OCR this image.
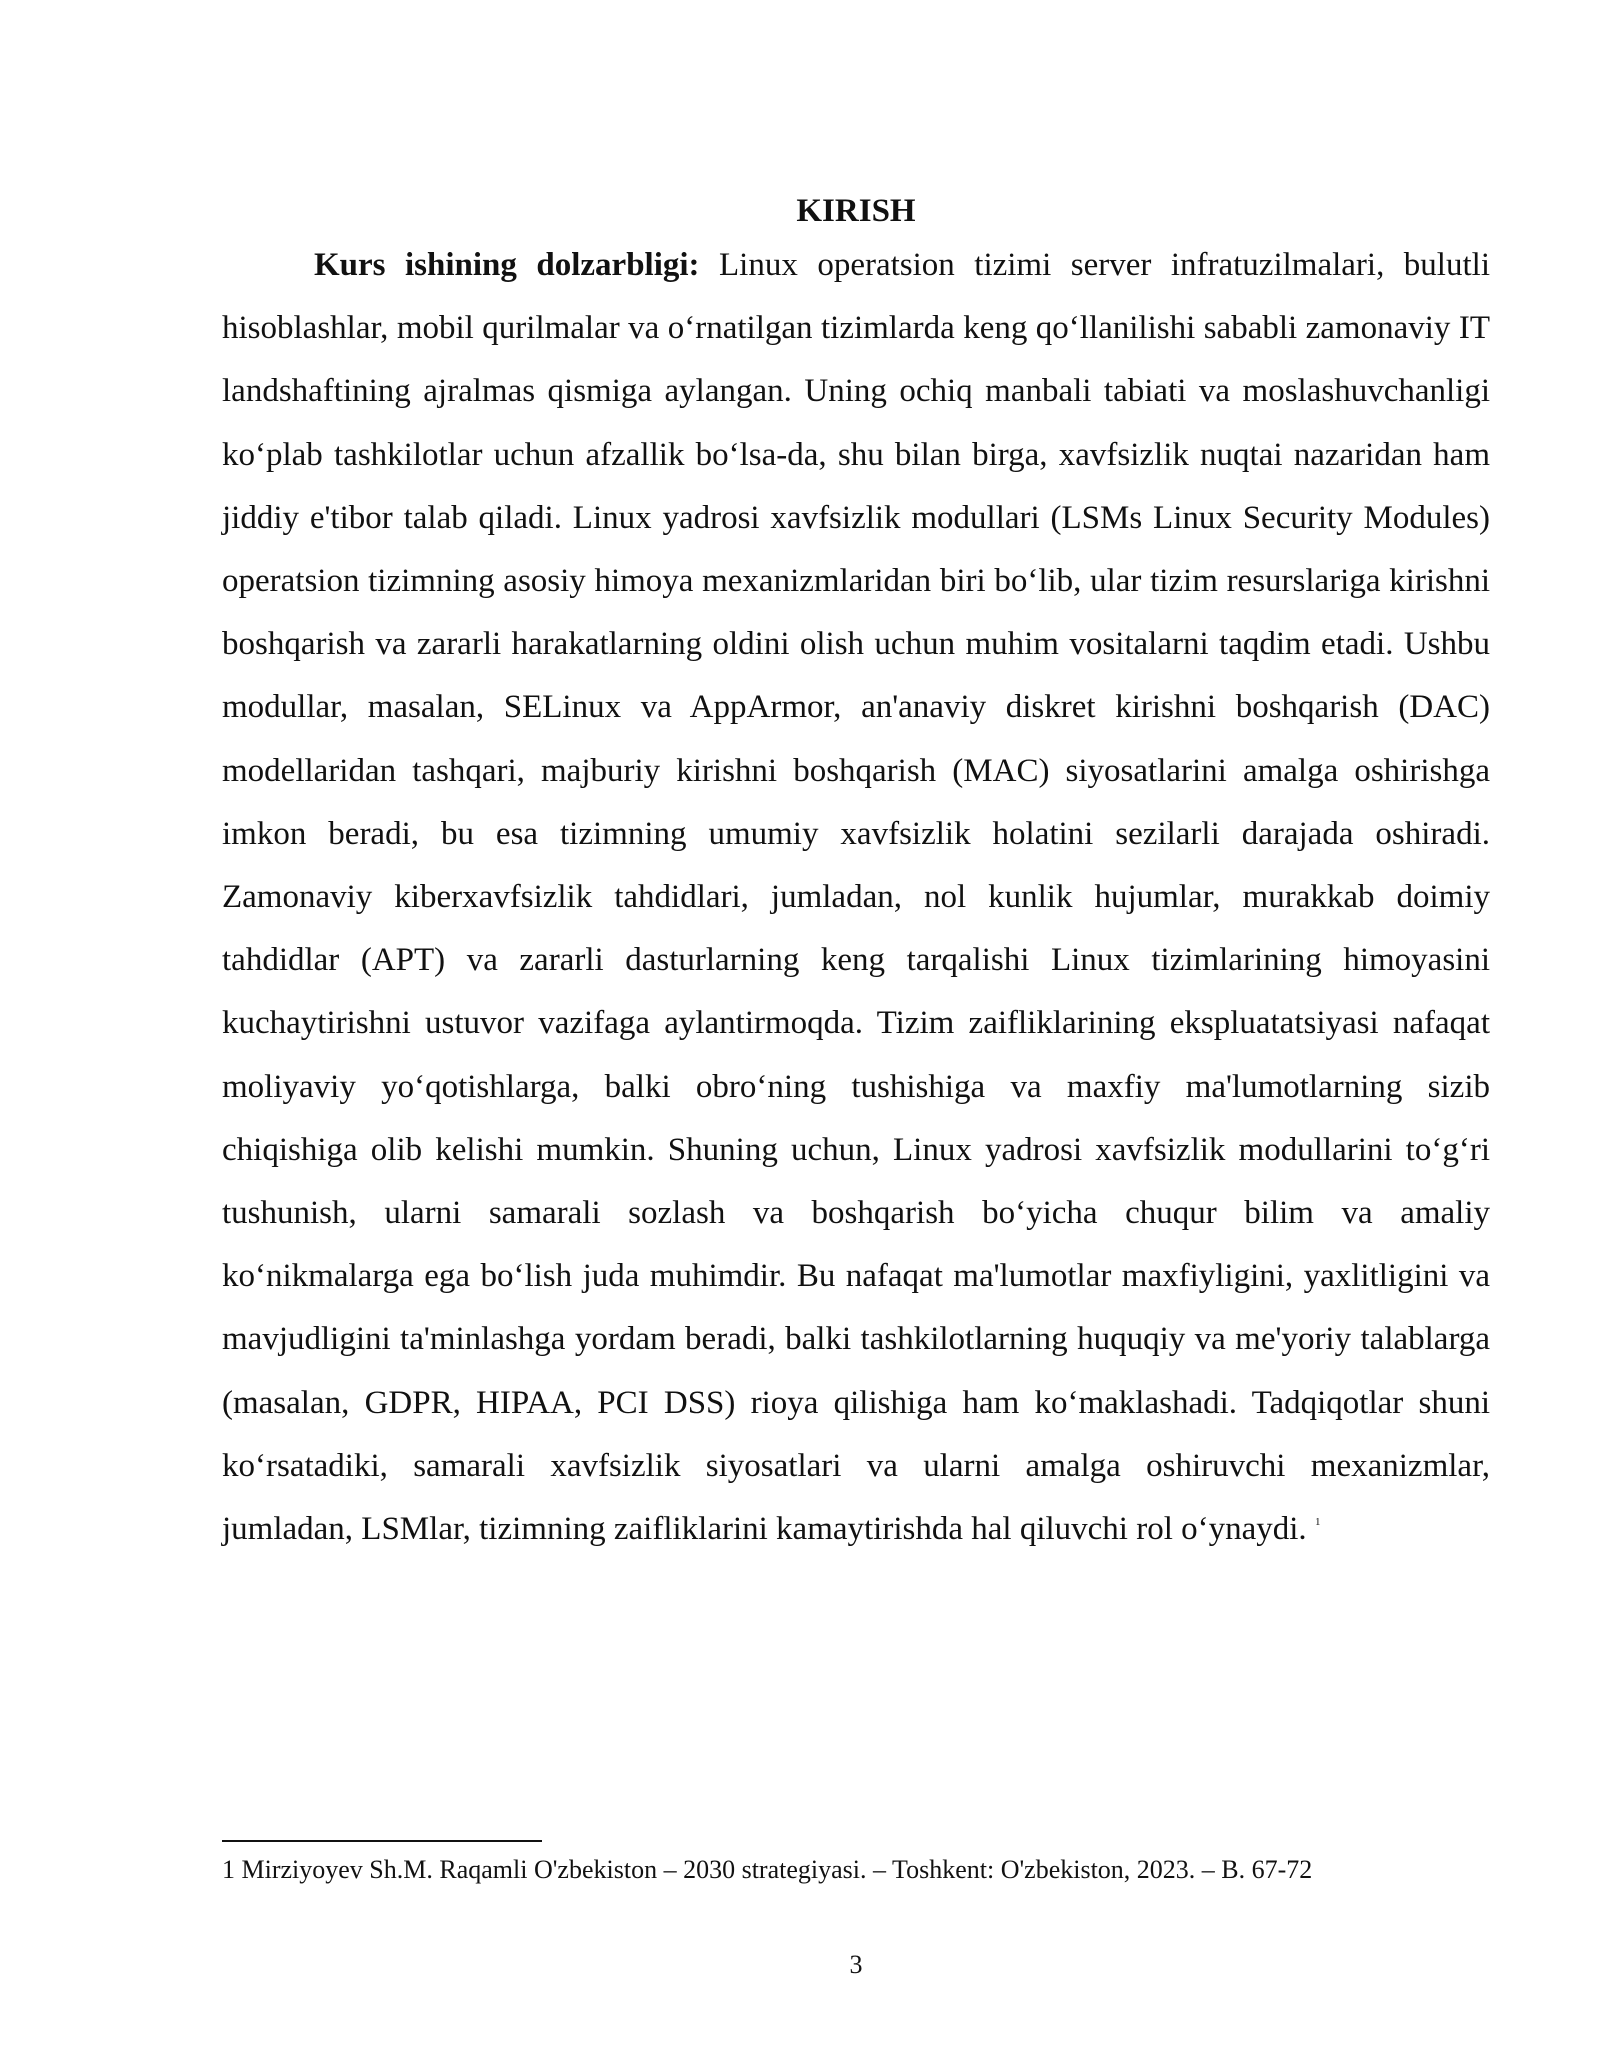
KIRISH

Kurs ishining dolzarbligi: Linux operatsion tizimi server infratuzilmalari, bulutli hisoblashlar, mobil qurilmalar va oʻrnatilgan tizimlarda keng qoʻllanilishi sababli zamonaviy IT landshaftining ajralmas qismiga aylangan. Uning ochiq manbali tabiati va moslashuvchanligi koʻplab tashkilotlar uchun afzallik boʻlsa-da, shu bilan birga, xavfsizlik nuqtai nazaridan ham jiddiy e'tibor talab qiladi. Linux yadrosi xavfsizlik modullari (LSMs Linux Security Modules) operatsion tizimning asosiy himoya mexanizmlaridan biri boʻlib, ular tizim resurslariga kirishni boshqarish va zararli harakatlarning oldini olish uchun muhim vositalarni taqdim etadi. Ushbu modullar, masalan, SELinux va AppArmor, an'anaviy diskret kirishni boshqarish (DAC) modellaridan tashqari, majburiy kirishni boshqarish (MAC) siyosatlarini amalga oshirishga imkon beradi, bu esa tizimning umumiy xavfsizlik holatini sezilarli darajada oshiradi. Zamonaviy kiberxavfsizlik tahdidlari, jumladan, nol kunlik hujumlar, murakkab doimiy tahdidlar (APT) va zararli dasturlarning keng tarqalishi Linux tizimlarining himoyasini kuchaytirishni ustuvor vazifaga aylantirmoqda. Tizim zaifliklarining ekspluatatsiyasi nafaqat moliyaviy yoʻqotishlarga, balki obroʻning tushishiga va maxfiy ma'lumotlarning sizib chiqishiga olib kelishi mumkin. Shuning uchun, Linux yadrosi xavfsizlik modullarini toʻgʻri tushunish, ularni samarali sozlash va boshqarish boʻyicha chuqur bilim va amaliy koʻnikmalarga ega boʻlish juda muhimdir. Bu nafaqat ma'lumotlar maxfiyligini, yaxlitligini va mavjudligini ta'minlashga yordam beradi, balki tashkilotlarning huquqiy va me'yoriy talablarga (masalan, GDPR, HIPAA, PCI DSS) rioya qilishiga ham koʻmaklashadi. Tadqiqotlar shuni koʻrsatadiki, samarali xavfsizlik siyosatlari va ularni amalga oshiruvchi mexanizmlar, jumladan, LSMlar, tizimning zaifliklarini kamaytirishda hal qiluvchi rol oʻynaydi. $^1$

1 Mirziyoyev Sh.M. Raqamli O'zbekiston – 2030 strategiyasi. – Toshkent: O'zbekiston, 2023. – B. 67-72

3
